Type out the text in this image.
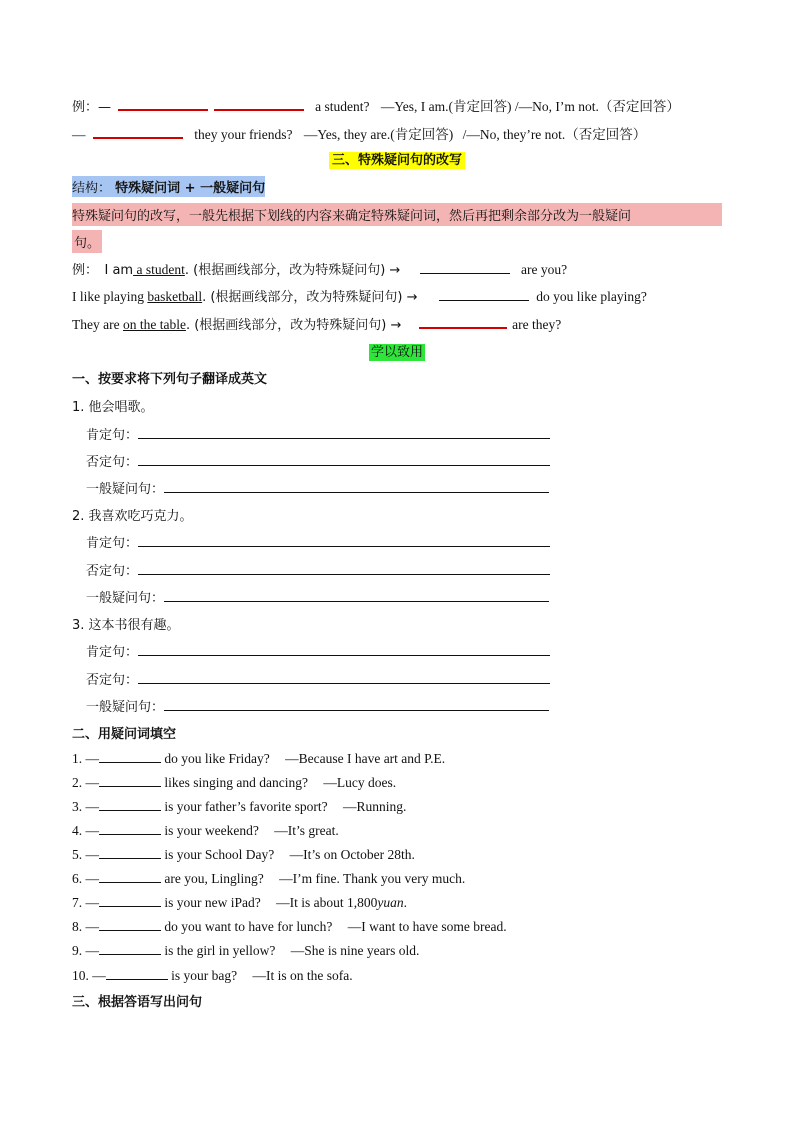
例：—	a student? —Yes, I am.(肯定回答) /—No, I’m not.（否定回答）
—	they your friends? —Yes, they are.(肯定回答) /—No, they’re not.（否定回答）
三、特殊疑问句的改写
结构： 特殊疑问词 + 一般疑问句
特殊疑问句的改写，一般先根据下划线的内容来确定特殊疑问词，然后再把剩余部分改为一般疑问
句。
例：　I am a student. (根据画线部分，改为特殊疑问句) →	are you?
I like playing basketball. (根据画线部分，改为特殊疑问句) →	do you like playing?
They are on the table. (根据画线部分，改为特殊疑问句) →	are they?
学以致用
一、按要求将下列句子翻译成英文
1. 他会唱歌。
肯定句：
否定句：
一般疑问句：
2. 我喜欢吃巧克力。
肯定句：
否定句：
一般疑问句：
3. 这本书很有趣。
肯定句：
否定句：
一般疑问句：
二、用疑问词填空
1. —	do you like Friday? —Because I have art and P.E.
2. —	likes singing and dancing? —Lucy does.
3. —	is your father’s favorite sport? —Running.
4. —	is your weekend? —It’s great.
5. —	is your School Day? —It’s on October 28th.
6. —	are you, Lingling? —I’m fine. Thank you very much.
7. —	is your new iPad? —It is about 1,800yuan.
8. —	do you want to have for lunch? —I want to have some bread.
9. —	is the girl in yellow? —She is nine years old.
10. —	is your bag? —It is on the sofa.
三、根据答语写出问句
